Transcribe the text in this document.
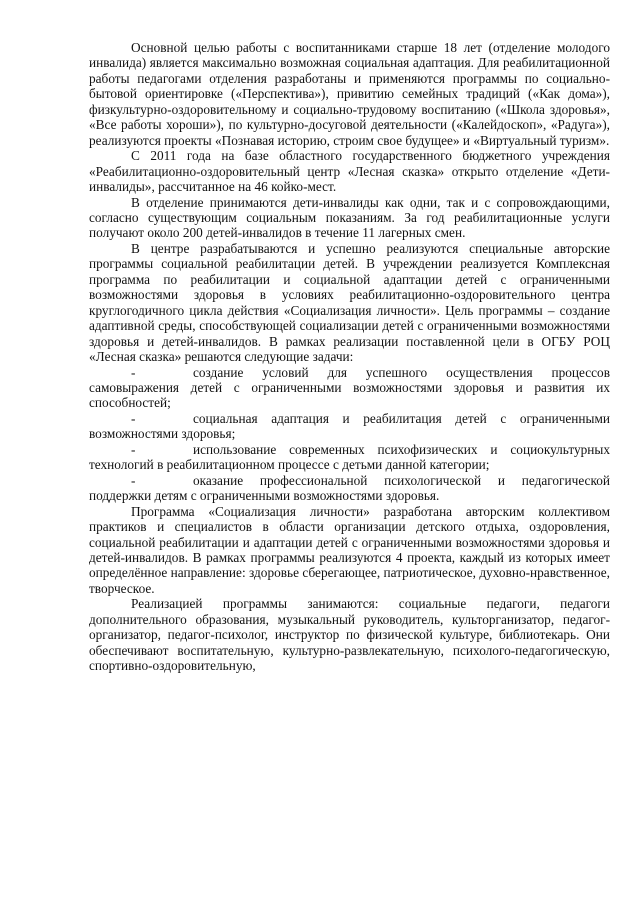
Основной целью работы с воспитанниками старше 18 лет (отделение молодого инвалида) является максимально возможная социальная адаптация. Для реабилитационной работы педагогами отделения разработаны и применяются программы по социально-бытовой ориентировке («Перспектива»), привитию семейных традиций («Как дома»), физкультурно-оздоровительному и социально-трудовому воспитанию («Школа здоровья», «Все работы хороши»), по культурно-досуговой деятельности («Калейдоскоп», «Радуга»), реализуются проекты «Познавая историю, строим свое будущее» и «Виртуальный туризм».

С 2011 года на базе областного государственного бюджетного учреждения «Реабилитационно-оздоровительный центр «Лесная сказка» открыто отделение «Дети-инвалиды», рассчитанное на 46 койко-мест.

В отделение принимаются дети-инвалиды как одни, так и с сопровождающими, согласно существующим социальным показаниям. За год реабилитационные услуги получают около 200 детей-инвалидов в течение 11 лагерных смен.

В центре разрабатываются и успешно реализуются специальные авторские программы социальной реабилитации детей. В учреждении реализуется Комплексная программа по реабилитации и социальной адаптации детей с ограниченными возможностями здоровья в условиях реабилитационно-оздоровительного центра круглогодичного цикла действия «Социализация личности». Цель программы – создание адаптивной среды, способствующей социализации детей с ограниченными возможностями здоровья и детей-инвалидов. В рамках реализации поставленной цели в ОГБУ РОЦ «Лесная сказка» решаются следующие задачи:

-	создание условий для успешного осуществления процессов самовыражения детей с ограниченными возможностями здоровья и развития их способностей;

-	социальная адаптация и реабилитация детей с ограниченными возможностями здоровья;

-	использование современных психофизических и социокультурных технологий в реабилитационном процессе с детьми данной категории;

-	оказание профессиональной психологической и педагогической поддержки детям с ограниченными возможностями здоровья.

Программа «Социализация личности» разработана авторским коллективом практиков и специалистов в области организации детского отдыха, оздоровления, социальной реабилитации и адаптации детей с ограниченными возможностями здоровья и детей-инвалидов. В рамках программы реализуются 4 проекта, каждый из которых имеет определённое направление: здоровье сберегающее, патриотическое, духовно-нравственное, творческое.

Реализацией программы занимаются: социальные педагоги, педагоги дополнительного образования, музыкальный руководитель, культорганизатор, педагог-организатор, педагог-психолог, инструктор по физической культуре, библиотекарь. Они обеспечивают воспитательную, культурно-развлекательную, психолого-педагогическую, спортивно-оздоровительную,
